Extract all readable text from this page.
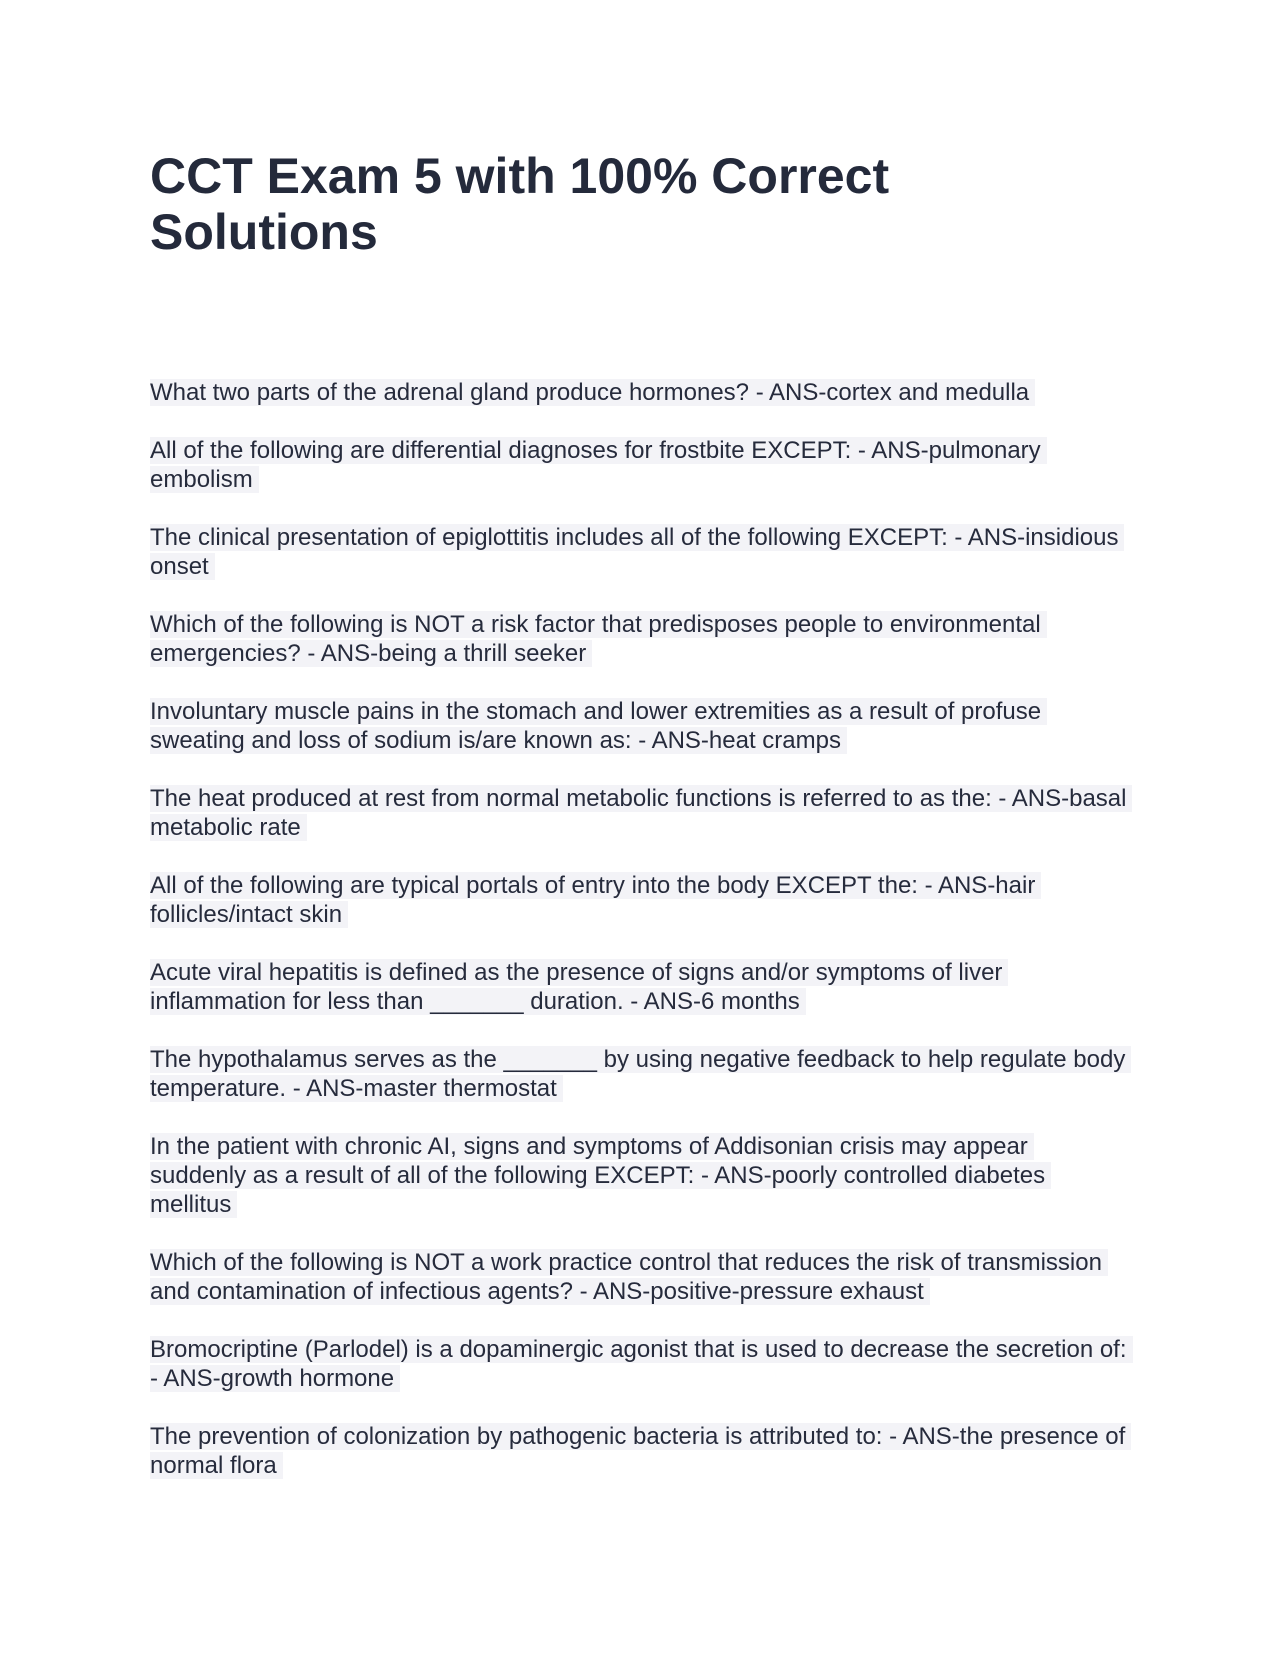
CCT Exam 5 with 100% Correct Solutions

What two parts of the adrenal gland produce hormones? - ANS-cortex and medulla

All of the following are differential diagnoses for frostbite EXCEPT: - ANS-pulmonary embolism

The clinical presentation of epiglottitis includes all of the following EXCEPT: - ANS-insidious onset

Which of the following is NOT a risk factor that predisposes people to environmental emergencies? - ANS-being a thrill seeker

Involuntary muscle pains in the stomach and lower extremities as a result of profuse sweating and loss of sodium is/are known as: - ANS-heat cramps

The heat produced at rest from normal metabolic functions is referred to as the: - ANS-basal metabolic rate

All of the following are typical portals of entry into the body EXCEPT the: - ANS-hair follicles/intact skin

Acute viral hepatitis is defined as the presence of signs and/or symptoms of liver inflammation for less than _______ duration. - ANS-6 months

The hypothalamus serves as the _______ by using negative feedback to help regulate body temperature. - ANS-master thermostat

In the patient with chronic AI, signs and symptoms of Addisonian crisis may appear suddenly as a result of all of the following EXCEPT: - ANS-poorly controlled diabetes mellitus

Which of the following is NOT a work practice control that reduces the risk of transmission and contamination of infectious agents? - ANS-positive-pressure exhaust

Bromocriptine (Parlodel) is a dopaminergic agonist that is used to decrease the secretion of: - ANS-growth hormone

The prevention of colonization by pathogenic bacteria is attributed to: - ANS-the presence of normal flora
